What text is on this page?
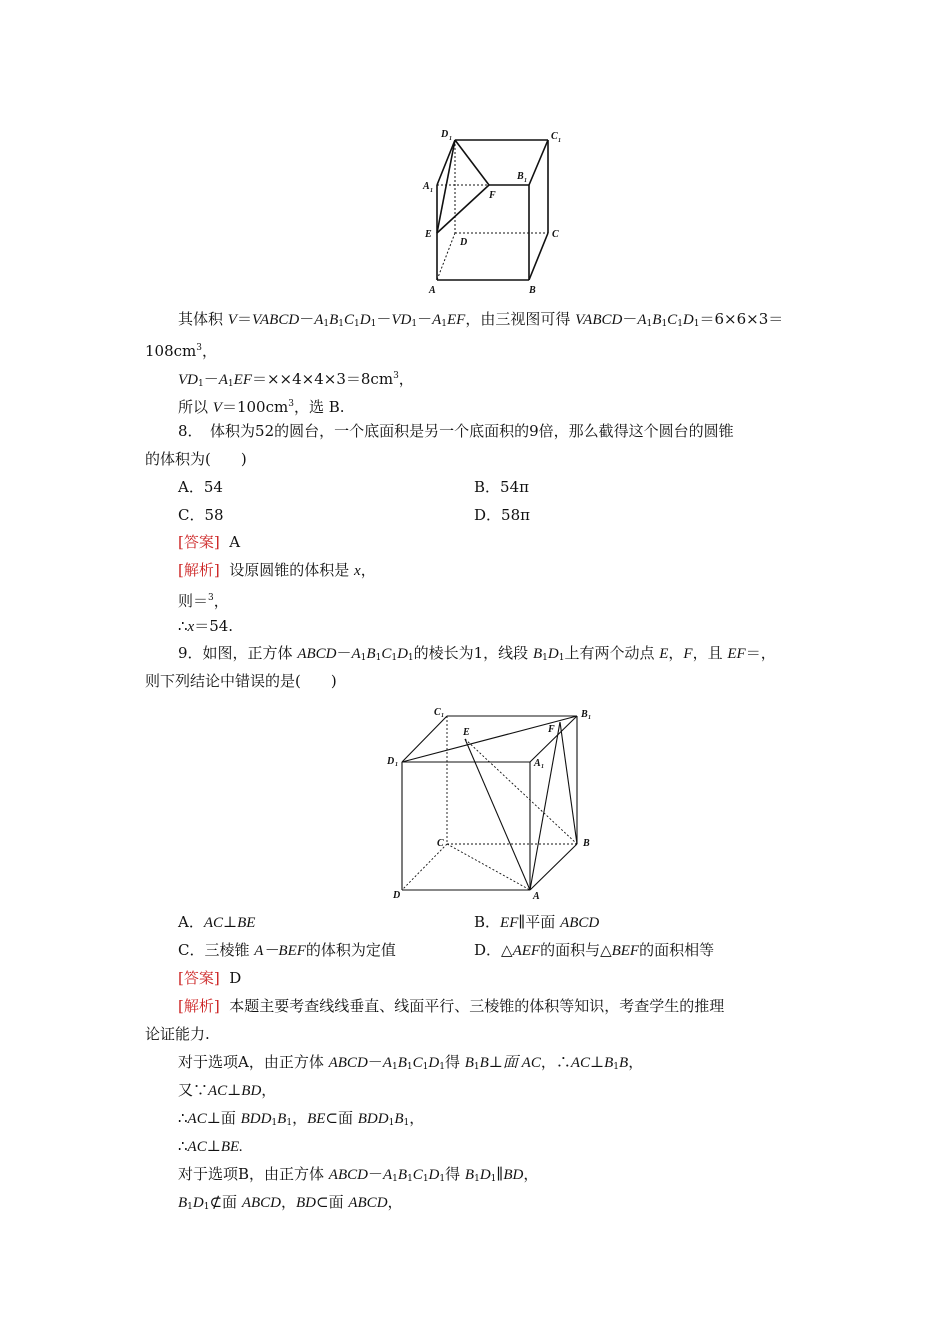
D 1	C 1
A 1
B 1
F
E
D
C
A	B
其体积 $V=VABCD-A_1B_1C_1D_1-VD_1-A_1EF$，由三视图可得 $VABCD-A_1B_1C_1D_1=6\times 6\times 3=$
$108cm^3$，
$VD_1-A_1EF=\times\times 4\times 4\times 3=8cm^3$，
所以 $V=100cm^3$，选 B.
8．　体积为52的圆台，一个底面积是另一个底面积的9倍，那么截得这个圆台的圆锥
的体积为(　　)
A．54	B．54π
C．58	D．58π
[答案] A
[解析] 设原圆锥的体积是 x，
则＝$^3$，
∴x＝54.
9．如图，正方体 $ABCD-A_1B_1C_1D_1$的棱长为1，线段 $B_1D_1$上有两个动点 E，F，且 EF＝，
则下列结论中错误的是(　　)
C 1	B 1
E	F
D 1	A 1
C	B
D	A
A．AC⊥BE	B．EF∥平面 ABCD
C．三棱锥 A－BEF的体积为定值	D．△AEF的面积与△BEF的面积相等
[答案] D
[解析] 本题主要考查线线垂直、线面平行、三棱锥的体积等知识，考查学生的推理
论证能力.
对于选项A，由正方体 $ABCD-A_1B_1C_1D_1$得 $B_1B\perp$面 AC，$\therefore AC\perp B_1B$，
又∵AC⊥BD，
∴AC⊥面 $BDD_1B_1$，BE⊂面 $BDD_1B_1$，
∴AC⊥BE.
对于选项B，由正方体 $ABCD-A_1B_1C_1D_1$得 $B_1D_1\parallel BD$，
$B_1D_1⊄$面 ABCD，BD⊂面 ABCD，
